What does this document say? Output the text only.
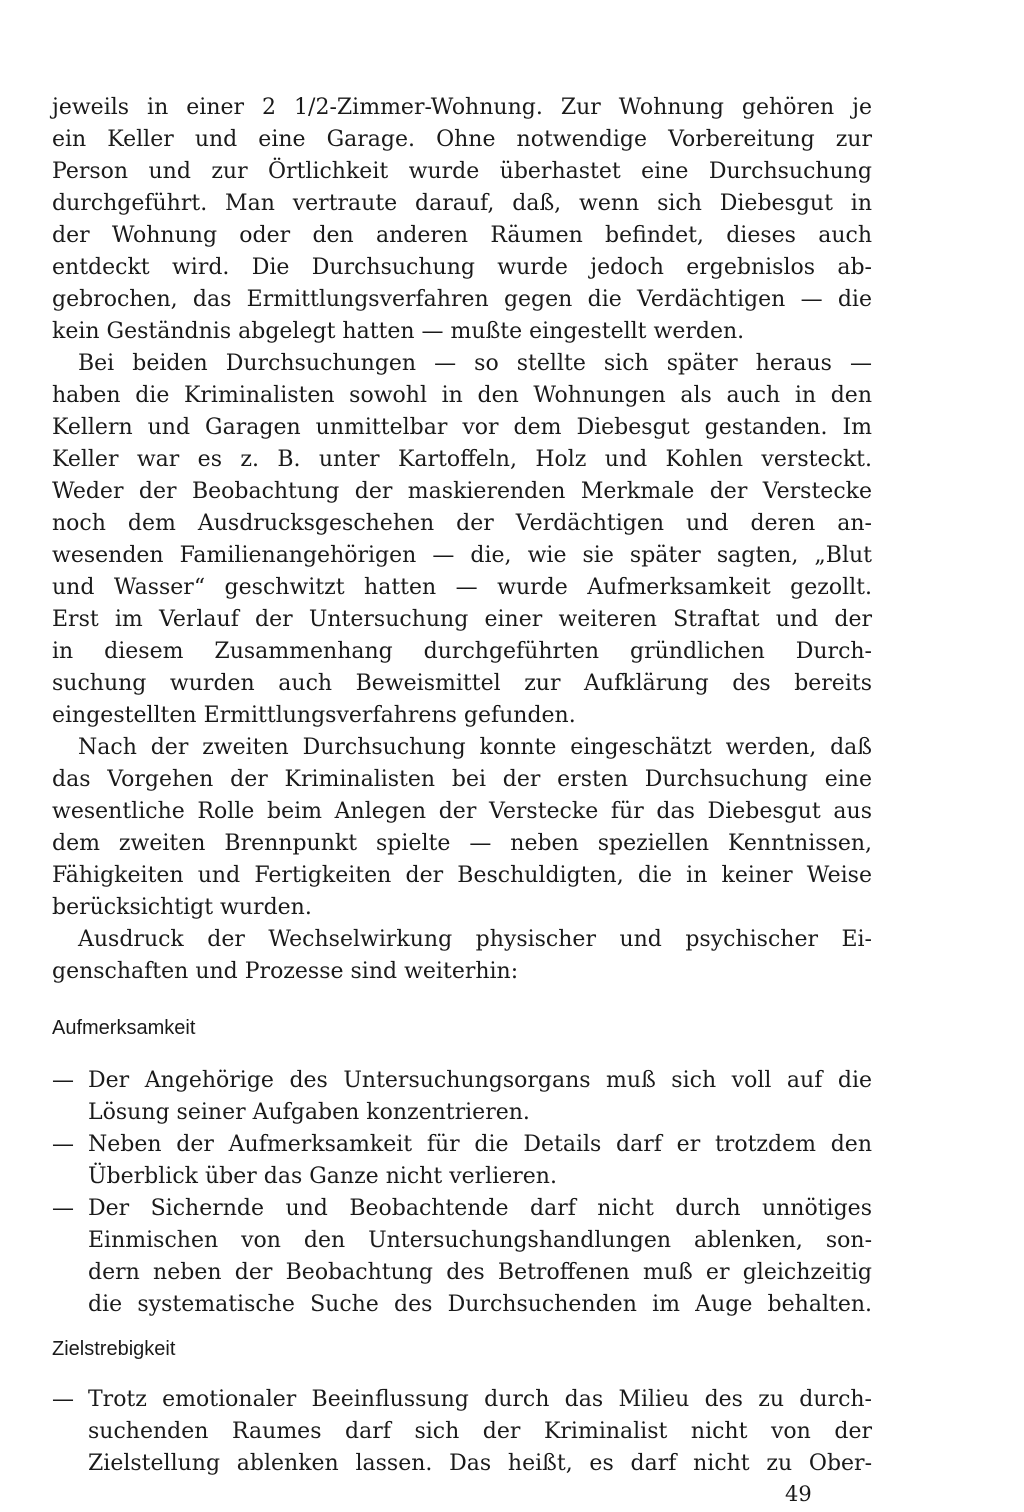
jeweils in einer 2 1/2-Zimmer-Wohnung. Zur Wohnung gehören je
ein Keller und eine Garage. Ohne notwendige Vorbereitung zur
Person und zur Örtlichkeit wurde überhastet eine Durchsuchung
durchgeführt. Man vertraute darauf, daß, wenn sich Diebesgut in
der Wohnung oder den anderen Räumen befindet, dieses auch
entdeckt wird. Die Durchsuchung wurde jedoch ergebnislos ab-
gebrochen, das Ermittlungsverfahren gegen die Verdächtigen — die
kein Geständnis abgelegt hatten — mußte eingestellt werden.
Bei beiden Durchsuchungen — so stellte sich später heraus —
haben die Kriminalisten sowohl in den Wohnungen als auch in den
Kellern und Garagen unmittelbar vor dem Diebesgut gestanden. Im
Keller war es z. B. unter Kartoffeln, Holz und Kohlen versteckt.
Weder der Beobachtung der maskierenden Merkmale der Verstecke
noch dem Ausdrucksgeschehen der Verdächtigen und deren an-
wesenden Familienangehörigen — die, wie sie später sagten, „Blut
und Wasser“ geschwitzt hatten — wurde Aufmerksamkeit gezollt.
Erst im Verlauf der Untersuchung einer weiteren Straftat und der
in diesem Zusammenhang durchgeführten gründlichen Durch-
suchung wurden auch Beweismittel zur Aufklärung des bereits
eingestellten Ermittlungsverfahrens gefunden.
Nach der zweiten Durchsuchung konnte eingeschätzt werden, daß
das Vorgehen der Kriminalisten bei der ersten Durchsuchung eine
wesentliche Rolle beim Anlegen der Verstecke für das Diebesgut aus
dem zweiten Brennpunkt spielte — neben speziellen Kenntnissen,
Fähigkeiten und Fertigkeiten der Beschuldigten, die in keiner Weise
berücksichtigt wurden.
Ausdruck der Wechselwirkung physischer und psychischer Ei-
genschaften und Prozesse sind weiterhin:
Aufmerksamkeit
— Der Angehörige des Untersuchungsorgans muß sich voll auf die
Lösung seiner Aufgaben konzentrieren.
— Neben der Aufmerksamkeit für die Details darf er trotzdem den
Überblick über das Ganze nicht verlieren.
— Der Sichernde und Beobachtende darf nicht durch unnötiges
Einmischen von den Untersuchungshandlungen ablenken, son-
dern neben der Beobachtung des Betroffenen muß er gleichzeitig
die systematische Suche des Durchsuchenden im Auge behalten.
Zielstrebigkeit
— Trotz emotionaler Beeinflussung durch das Milieu des zu durch-
suchenden Raumes darf sich der Kriminalist nicht von der
Zielstellung ablenken lassen. Das heißt, es darf nicht zu Ober-
49
